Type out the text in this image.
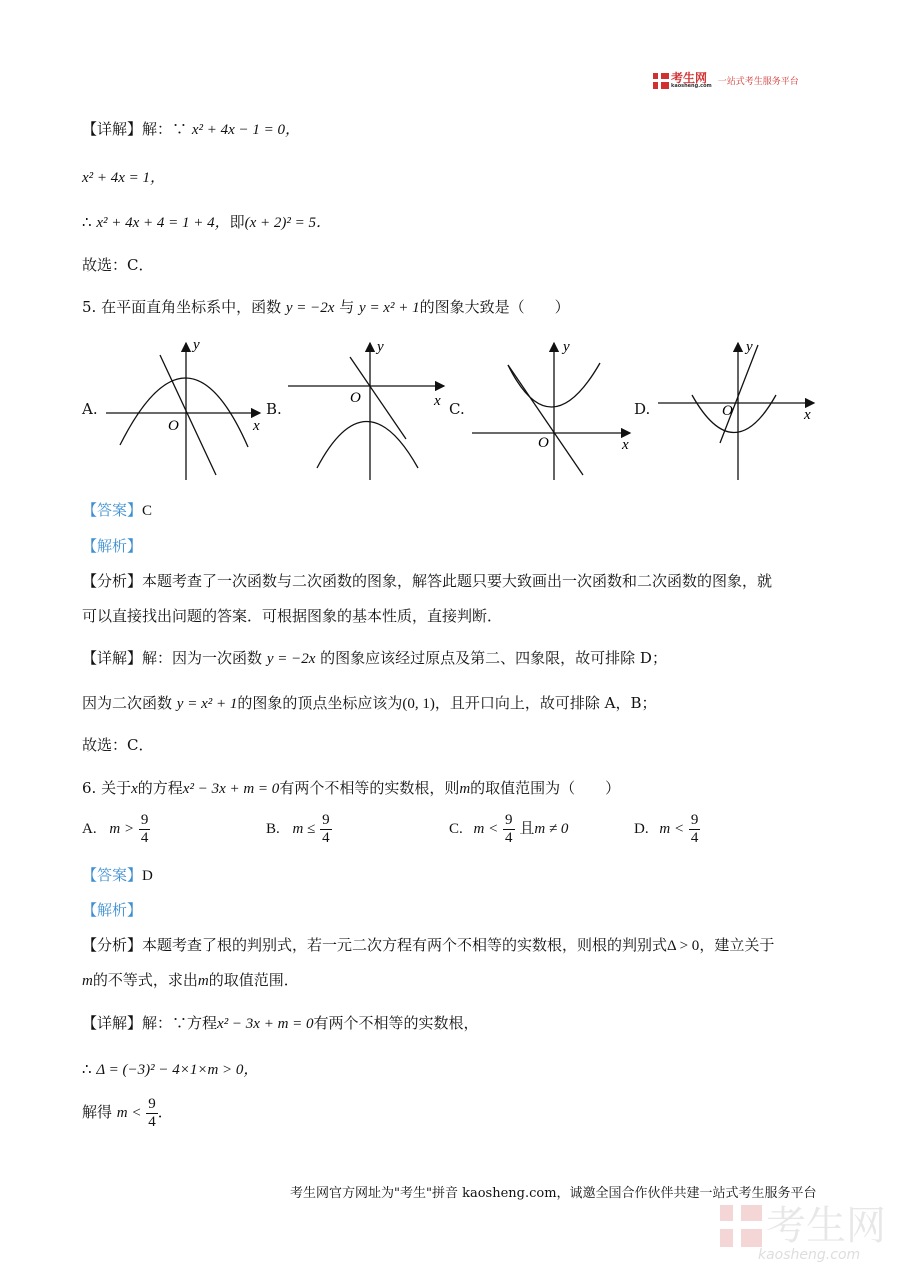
考生网
kaosheng.com 一站式考生服务平台
【详解】解：∵ x² + 4x − 1 = 0，
x² + 4x = 1，
∴ x² + 4x + 4 = 1 + 4，即(x + 2)² = 5．
故选：C．
5. 在平面直角坐标系中，函数 y = −2x 与 y = x² + 1的图象大致是（　　）
A.	B.	C.	D.
y
x
O
y
x
O
y
x
O
y
x
O
【答案】C
【解析】
【分析】本题考查了一次函数与二次函数的图象，解答此题只要大致画出一次函数和二次函数的图象，就
可以直接找出问题的答案．可根据图象的基本性质，直接判断．
【详解】解：因为一次函数 y = −2x 的图象应该经过原点及第二、四象限，故可排除 D；
因为二次函数 y = x² + 1的图象的顶点坐标应该为(0, 1)，且开口向上，故可排除 A，B；
故选：C．
6. 关于x的方程x² − 3x + m = 0有两个不相等的实数根，则m的取值范围为（　　）
A. $m > \frac{9}{4}$	B. $m \le \frac{9}{4}$	C. $m < \frac{9}{4}$ 且m ≠ 0	D. $m < \frac{9}{4}$
【答案】D
【解析】
【分析】本题考查了根的判别式，若一元二次方程有两个不相等的实数根，则根的判别式Δ > 0，建立关于
m的不等式，求出m的取值范围．
【详解】解：∵方程x² − 3x + m = 0有两个不相等的实数根，
∴ Δ = (−3)² − 4×1×m > 0，
解得 $m < \frac{9}{4}$ ．
考生网官方网址为"考生"拼音 kaosheng.com，诚邀全国合作伙伴共建一站式考生服务平台
考生网
kaosheng.com
